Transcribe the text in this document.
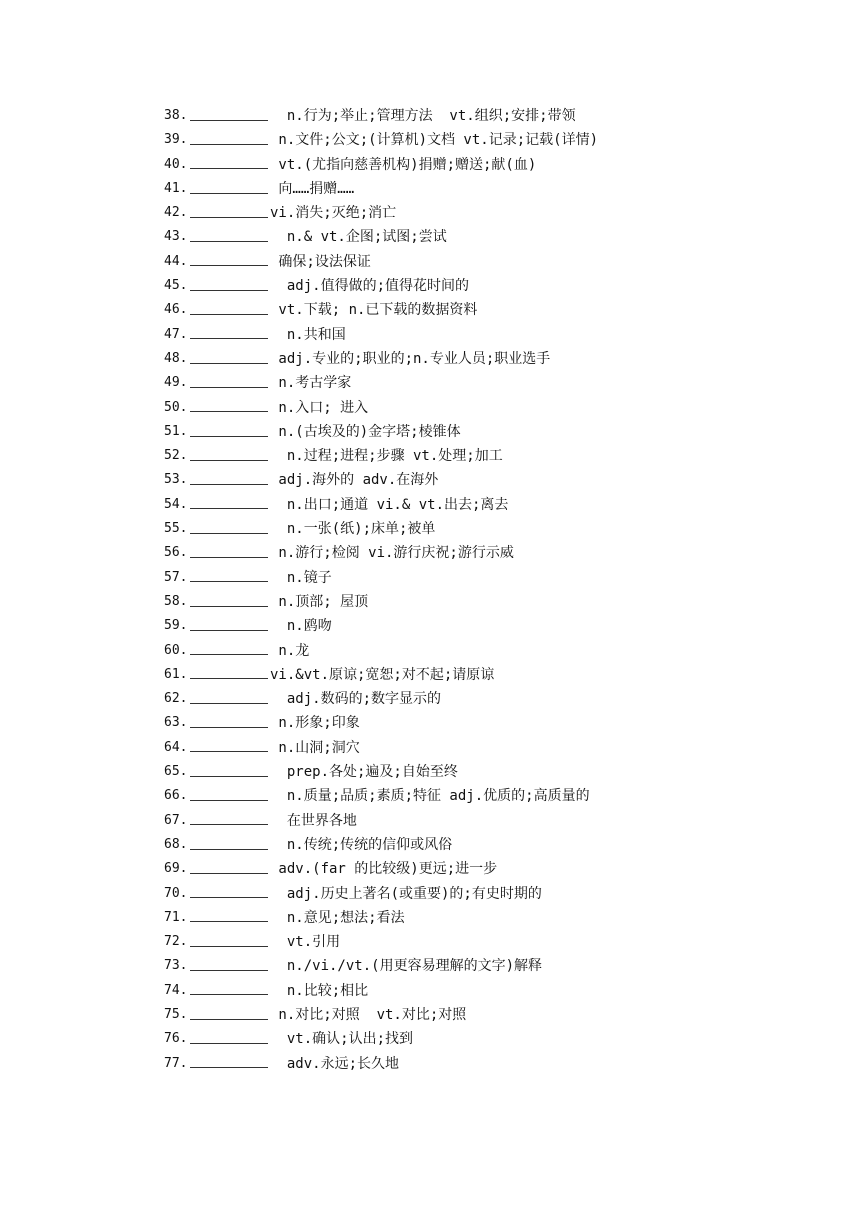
38.	n.行为;举止;管理方法  vt.组织;安排;带领
39.	n.文件;公文;(计算机)文档 vt.记录;记载(详情)
40.	vt.(尤指向慈善机构)捐赠;赠送;献(血)
41.	向……捐赠……
42.	vi.消失;灭绝;消亡
43.	n.& vt.企图;试图;尝试
44.	确保;设法保证
45.	adj.值得做的;值得花时间的
46.	vt.下载; n.已下载的数据资料
47.	n.共和国
48.	adj.专业的;职业的;n.专业人员;职业选手
49.	n.考古学家
50.	n.入口; 进入
51.	n.(古埃及的)金字塔;棱锥体
52.	n.过程;进程;步骤 vt.处理;加工
53.	adj.海外的 adv.在海外
54.	n.出口;通道 vi.& vt.出去;离去
55.	n.一张(纸);床单;被单
56.	n.游行;检阅 vi.游行庆祝;游行示威
57.	n.镜子
58.	n.顶部; 屋顶
59.	n.鸥吻
60.	n.龙
61.	vi.&vt.原谅;宽恕;对不起;请原谅
62.	adj.数码的;数字显示的
63.	n.形象;印象
64.	n.山洞;洞穴
65.	prep.各处;遍及;自始至终
66.	n.质量;品质;素质;特征 adj.优质的;高质量的
67.	在世界各地
68.	n.传统;传统的信仰或风俗
69.	adv.(far 的比较级)更远;进一步
70.	adj.历史上著名(或重要)的;有史时期的
71.	n.意见;想法;看法
72.	vt.引用
73.	n./vi./vt.(用更容易理解的文字)解释
74.	n.比较;相比
75.	n.对比;对照  vt.对比;对照
76.	vt.确认;认出;找到
77.	adv.永远;长久地
